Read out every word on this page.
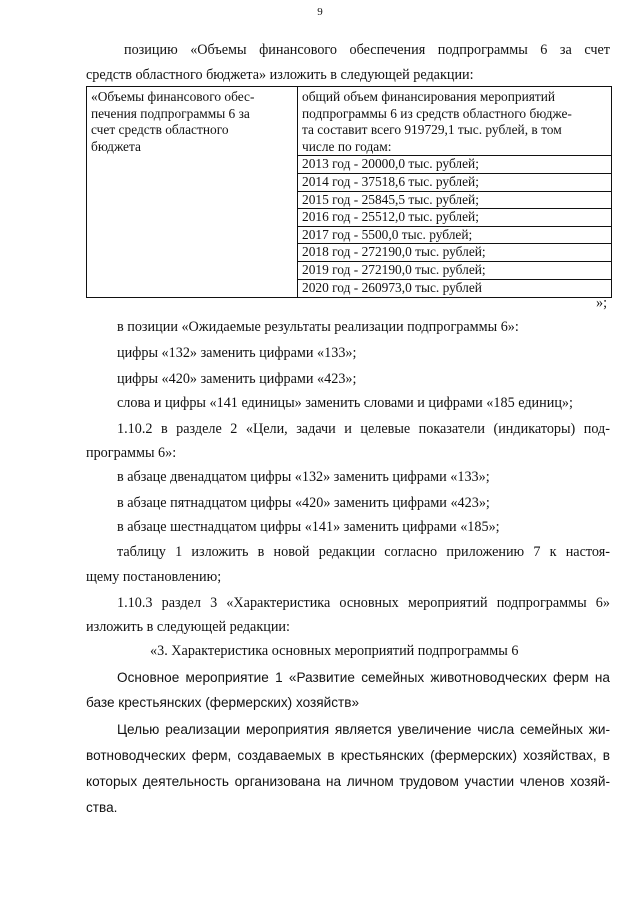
9
позицию «Объемы финансового обеспечения подпрограммы 6 за счет
средств областного бюджета» изложить в следующей редакции:
«Объемы финансового обес-
печения подпрограммы 6 за
счет средств областного
бюджета

общий объем финансирования мероприятий
подпрограммы 6 из средств областного бюдже-
та составит всего 919729,1 тыс. рублей, в том
числе по годам:
2013 год - 20000,0 тыс. рублей;
2014 год - 37518,6 тыс. рублей;
2015 год - 25845,5 тыс. рублей;
2016 год - 25512,0 тыс. рублей;
2017 год - 5500,0 тыс. рублей;
2018 год - 272190,0 тыс. рублей;
2019 год - 272190,0 тыс. рублей;
2020 год - 260973,0 тыс. рублей
»;
в позиции «Ожидаемые результаты реализации подпрограммы 6»:
цифры «132» заменить цифрами «133»;
цифры «420» заменить цифрами «423»;
слова и цифры «141 единицы» заменить словами и цифрами «185 единиц»;
1.10.2 в разделе 2 «Цели, задачи и целевые показатели (индикаторы) под-
программы 6»:
в абзаце двенадцатом цифры «132» заменить цифрами «133»;
в абзаце пятнадцатом цифры «420» заменить цифрами «423»;
в абзаце шестнадцатом цифры «141» заменить цифрами «185»;
таблицу 1 изложить в новой редакции согласно приложению 7 к настоя-
щему постановлению;
1.10.3 раздел 3 «Характеристика основных мероприятий подпрограммы 6»
изложить в следующей редакции:
«3. Характеристика основных мероприятий подпрограммы 6
Основное мероприятие 1 «Развитие семейных животноводческих ферм на
базе крестьянских (фермерских) хозяйств»
Целью реализации мероприятия является увеличение числа семейных жи-
вотноводческих ферм, создаваемых в крестьянских (фермерских) хозяйствах, в
которых деятельность организована на личном трудовом участии членов хозяй-
ства.
